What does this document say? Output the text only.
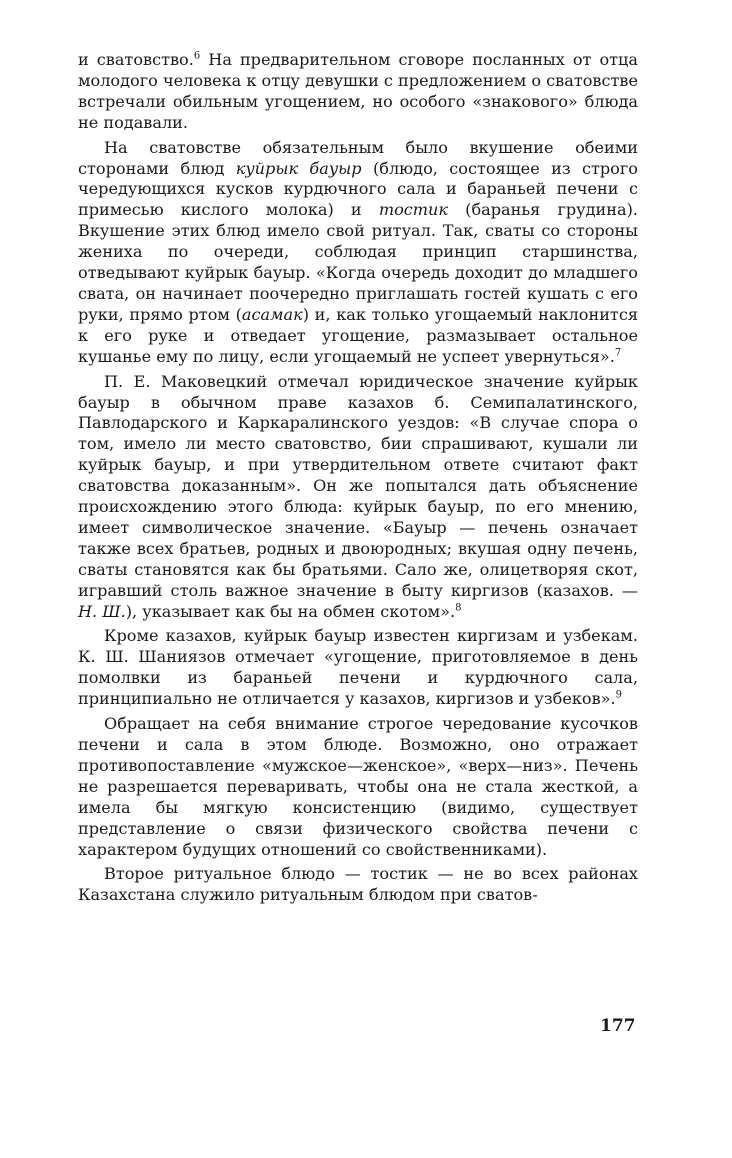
и сватовство.$^6$ На предварительном сговоре посланных от отца молодого человека к отцу девушки с предложением о сватовстве встречали обильным угощением, но особого «знакового» блюда не подавали.

На сватовстве обязательным было вкушение обеими сторонами блюд куйрык бауыр (блюдо, состоящее из строго чередующихся кусков курдючного сала и бараньей печени с примесью кислого молока) и тостик (баранья грудина). Вкушение этих блюд имело свой ритуал. Так, сваты со стороны жениха по очереди, соблюдая принцип старшинства, отведывают куйрык бауыр. «Когда очередь доходит до младшего свата, он начинает поочередно приглашать гостей кушать с его руки, прямо ртом (асамак) и, как только угощаемый наклонится к его руке и отведает угощение, размазывает остальное кушанье ему по лицу, если угощаемый не успеет увернуться».$^7$

П. Е. Маковецкий отмечал юридическое значение куйрык бауыр в обычном праве казахов б. Семипалатинского, Павлодарского и Каркаралинского уездов: «В случае спора о том, имело ли место сватовство, бии спрашивают, кушали ли куйрык бауыр, и при утвердительном ответе считают факт сватовства доказанным». Он же попытался дать объяснение происхождению этого блюда: куйрык бауыр, по его мнению, имеет символическое значение. «Бауыр — печень означает также всех братьев, родных и двоюродных; вкушая одну печень, сваты становятся как бы братьями. Сало же, олицетворяя скот, игравший столь важное значение в быту киргизов (казахов. — Н. Ш.), указывает как бы на обмен скотом».$^8$

Кроме казахов, куйрык бауыр известен киргизам и узбекам. К. Ш. Шаниязов отмечает «угощение, приготовляемое в день помолвки из бараньей печени и курдючного сала, принципиально не отличается у казахов, киргизов и узбеков».$^9$

Обращает на себя внимание строгое чередование кусочков печени и сала в этом блюде. Возможно, оно отражает противопоставление «мужское—женское», «верх—низ». Печень не разрешается переваривать, чтобы она не стала жесткой, а имела бы мягкую консистенцию (видимо, существует представление о связи физического свойства печени с характером будущих отношений со свойственниками).

Второе ритуальное блюдо — тостик — не во всех районах Казахстана служило ритуальным блюдом при сватов-

177
